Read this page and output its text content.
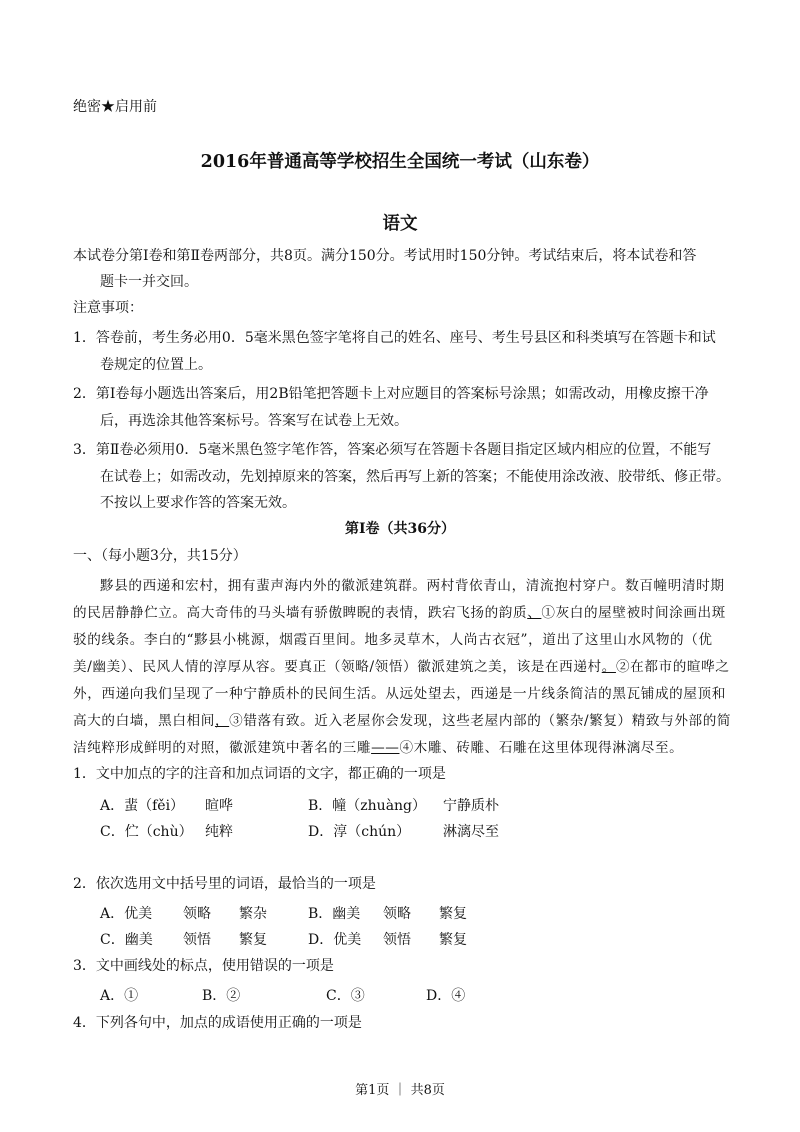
绝密★启用前
2016年普通高等学校招生全国统一考试（山东卷）
语文
本试卷分第Ⅰ卷和第Ⅱ卷两部分，共8页。满分150分。考试用时150分钟。考试结束后，将本试卷和答
题卡一并交回。
注意事项：
1．答卷前，考生务必用0．5毫米黑色签字笔将自己的姓名、座号、考生号县区和科类填写在答题卡和试
卷规定的位置上。
2．第Ⅰ卷每小题选出答案后，用2B铅笔把答题卡上对应题目的答案标号涂黑；如需改动，用橡皮擦干净
后，再选涂其他答案标号。答案写在试卷上无效。
3．第Ⅱ卷必须用0．5毫米黑色签字笔作答，答案必须写在答题卡各题目指定区域内相应的位置，不能写
在试卷上；如需改动，先划掉原来的答案，然后再写上新的答案；不能使用涂改液、胶带纸、修正带。
不按以上要求作答的答案无效。
第Ⅰ卷（共36分）
一、（每小题3分，共15分）
黟县的西递和宏村，拥有蜚声海内外的徽派建筑群。两村背依青山，清流抱村穿户。数百幢明清时期
的民居静静伫立。高大奇伟的马头墙有骄傲睥睨的表情，跌宕飞扬的韵质、①灰白的屋壁被时间涂画出斑
驳的线条。李白的“黟县小桃源，烟霞百里间。地多灵草木，人尚古衣冠”，道出了这里山水风物的（优
美/幽美）、民风人情的淳厚从容。要真正（领略/领悟）徽派建筑之美，该是在西递村。②在都市的暄哗之
外，西递向我们呈现了一种宁静质朴的民间生活。从远处望去，西递是一片线条简洁的黑瓦铺成的屋顶和
高大的白墙，黑白相间，③错落有致。近入老屋你会发现，这些老屋内部的（繁杂/繁复）精致与外部的简
洁纯粹形成鲜明的对照，徽派建筑中著名的三雕——④木雕、砖雕、石雕在这里体现得淋漓尽至。
1．文中加点的字的注音和加点词语的文字，都正确的一项是
A．蜚（fěi） 暄哗	B．幢（zhuàng） 宁静质朴
C．伫（chù） 纯粹	D．淳（chún） 淋漓尽至
2．依次选用文中括号里的词语，最恰当的一项是
A．优美 领略 繁杂	B．幽美 领略 繁复
C．幽美 领悟 繁复	D．优美 领悟 繁复
3．文中画线处的标点，使用错误的一项是
A．①	B．②	C．③	D．④
4．下列各句中，加点的成语使用正确的一项是
第1页 ｜ 共8页
